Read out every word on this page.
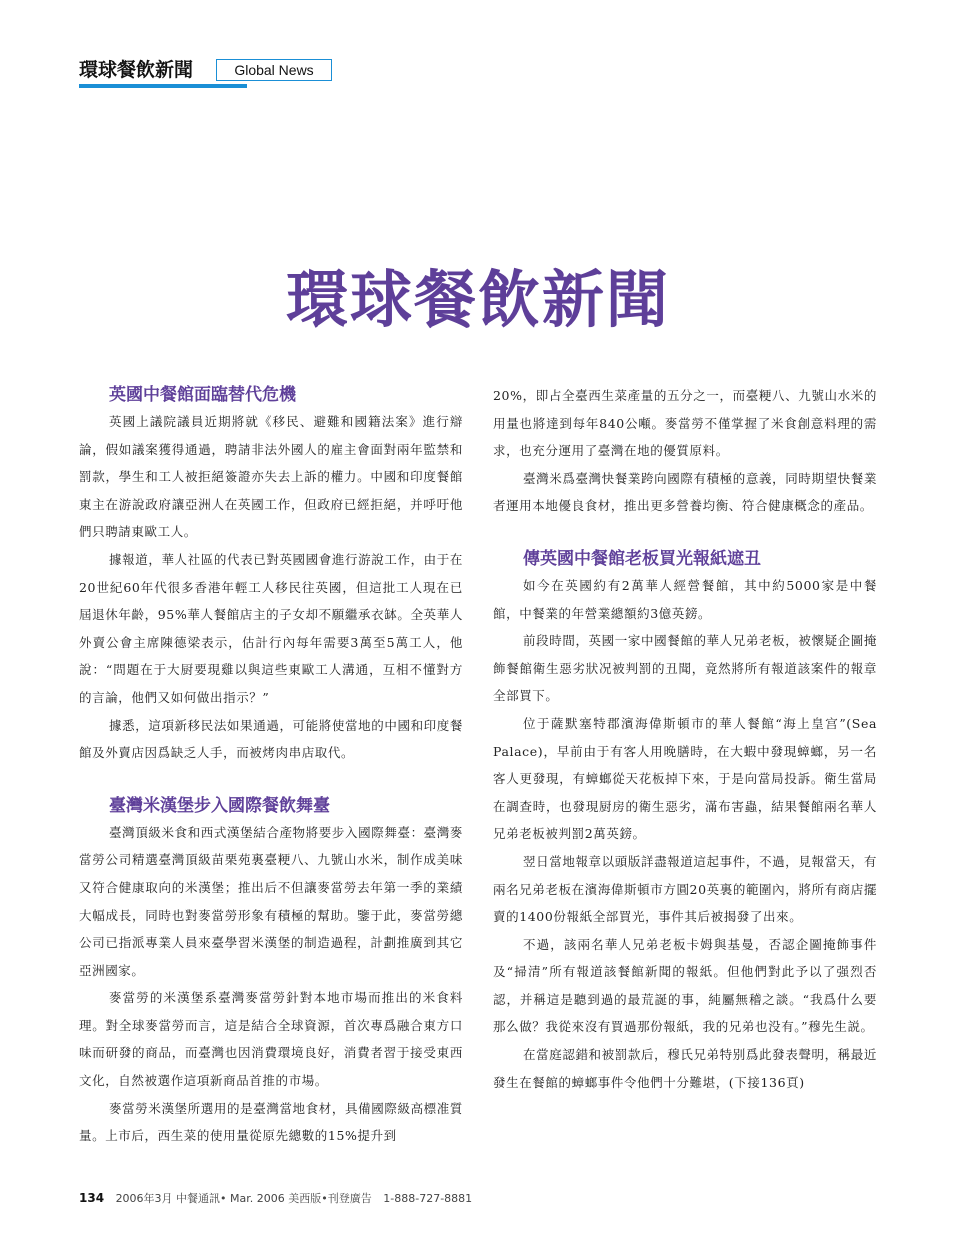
環球餐飲新聞	Global News
環球餐飲新聞
英國中餐館面臨替代危機

英國上議院議員近期將就《移民、避難和國籍法案》進行辯論，假如議案獲得通過，聘請非法外國人的雇主會面對兩年監禁和罰款，學生和工人被拒絕簽證亦失去上訴的權力。中國和印度餐館東主在游說政府讓亞洲人在英國工作，但政府已經拒絕，并呼吁他們只聘請東歐工人。

據報道，華人社區的代表已對英國國會進行游說工作，由于在20世紀60年代很多香港年輕工人移民往英國，但這批工人現在已屆退休年齡，95%華人餐館店主的子女却不願繼承衣缽。全英華人外賣公會主席陳德梁表示，估計行內每年需要3萬至5萬工人，他說：“問題在于大厨要現雞以與這些東歐工人溝通，互相不懂對方的言論，他們又如何做出指示？”

據悉，這項新移民法如果通過，可能將使當地的中國和印度餐館及外賣店因爲缺乏人手，而被烤肉串店取代。

臺灣米漢堡步入國際餐飲舞臺

臺灣頂級米食和西式漢堡結合產物將要步入國際舞臺：臺灣麥當勞公司精選臺灣頂級苗栗苑裏臺粳八、九號山水米，制作成美味又符合健康取向的米漢堡；推出后不但讓麥當勞去年第一季的業績大幅成長，同時也對麥當勞形象有積極的幫助。鑒于此，麥當勞總公司已指派專業人員來臺學習米漢堡的制造過程，計劃推廣到其它亞洲國家。

麥當勞的米漢堡系臺灣麥當勞針對本地市場而推出的米食料理。對全球麥當勞而言，這是結合全球資源，首次專爲融合東方口味而研發的商品，而臺灣也因消費環境良好，消費者習于接受東西文化，自然被選作這項新商品首推的市場。

麥當勞米漢堡所選用的是臺灣當地食材，具備國際級高標准質量。上市后，西生菜的使用量從原先總數的15%提升到

20%，即占全臺西生菜產量的五分之一，而臺粳八、九號山水米的用量也將達到每年840公噸。麥當勞不僅掌握了米食創意料理的需求，也充分運用了臺灣在地的優質原料。

臺灣米爲臺灣快餐業跨向國際有積極的意義，同時期望快餐業者運用本地優良食材，推出更多營養均衡、符合健康概念的產品。

傳英國中餐館老板買光報紙遮丑

如今在英國約有2萬華人經營餐館，其中約5000家是中餐館，中餐業的年營業總額約3億英鎊。

前段時間，英國一家中國餐館的華人兄弟老板，被懷疑企圖掩飾餐館衛生惡劣狀况被判罰的丑聞，竟然將所有報道該案件的報章全部買下。

位于薩默塞特郡濱海偉斯頓市的華人餐館“海上皇宫”(Sea Palace)，早前由于有客人用晚膳時，在大蝦中發現蟑螂，另一名客人更發現，有蟑螂從天花板掉下來，于是向當局投訴。衛生當局在調查時，也發現厨房的衛生惡劣，滿布害蟲，結果餐館兩名華人兄弟老板被判罰2萬英鎊。

翌日當地報章以頭版詳盡報道這起事件，不過，見報當天，有兩名兄弟老板在濱海偉斯頓市方圓20英裏的範圍內，將所有商店擺賣的1400份報紙全部買光，事件其后被揭發了出來。

不過，該兩名華人兄弟老板卡姆與基曼，否認企圖掩飾事件及“掃清”所有報道該餐館新聞的報紙。但他們對此予以了强烈否認，并稱這是聽到過的最荒誕的事，純屬無稽之談。“我爲什么要那么做？我從來沒有買過那份報紙，我的兄弟也没有。”穆先生説。

在當庭認錯和被罰款后，穆氏兄弟特别爲此發表聲明，稱最近發生在餐館的蟑螂事件令他們十分難堪，(下接136頁)

134 2006年3月 中餐通訊• Mar. 2006 美西版•刊登廣告 1-888-727-8881
